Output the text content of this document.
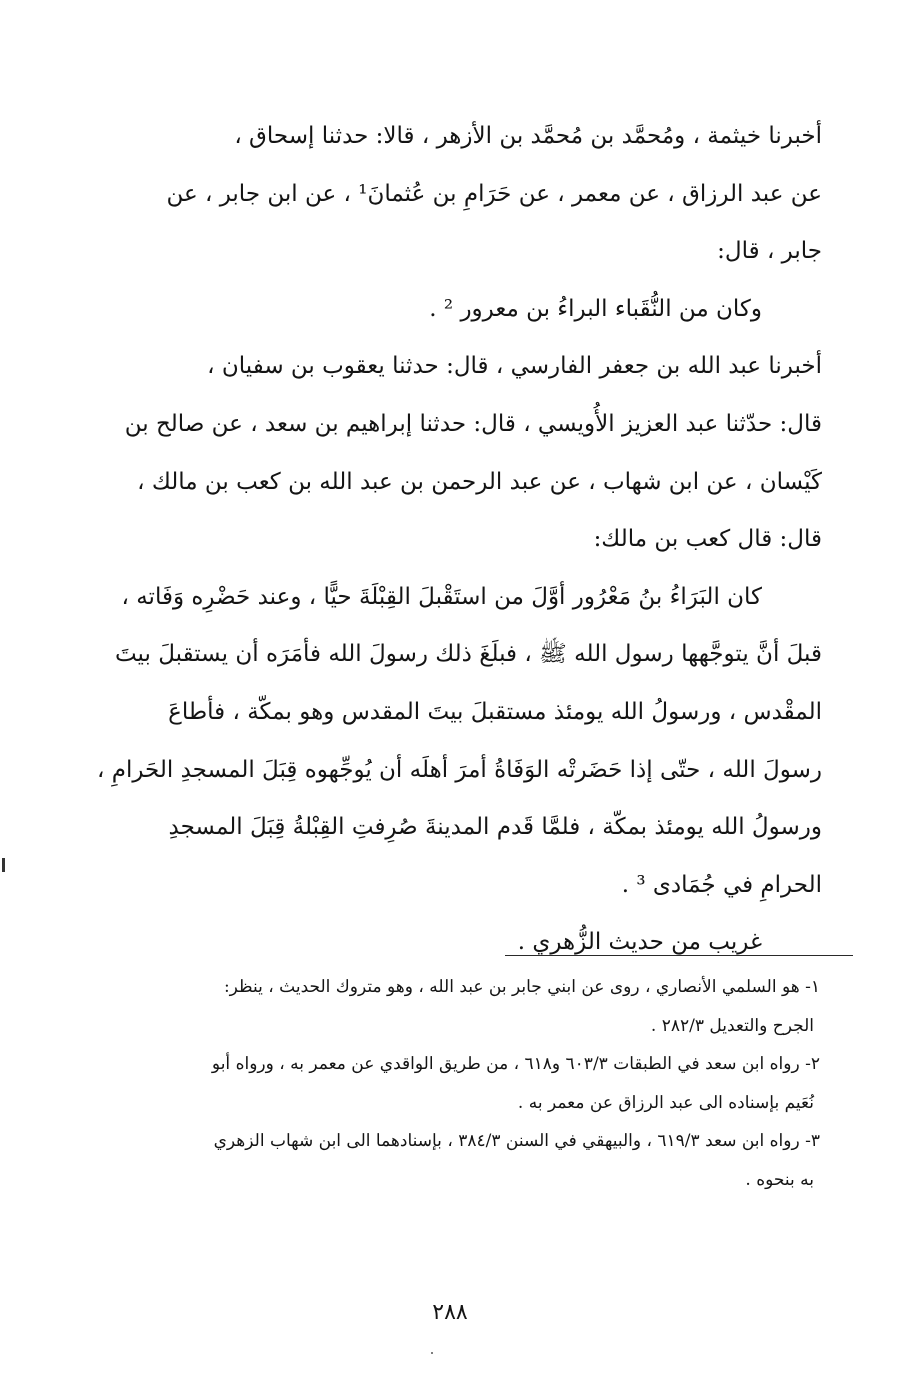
أخبرنا خيثمة ، ومُحمَّد بن مُحمَّد بن الأزهر ، قالا: حدثنا إسحاق ،
عن عبد الرزاق ، عن معمر ، عن حَرَامِ بن عُثمانَ¹ ، عن ابن جابر ، عن
جابر ، قال:
وكان من النُّقَباء البراءُ بن معرور ² .
أخبرنا عبد الله بن جعفر الفارسي ، قال: حدثنا يعقوب بن سفيان ،
قال: حدّثنا عبد العزيز الأُويسي ، قال: حدثنا إبراهيم بن سعد ، عن صالح بن
كَيْسان ، عن ابن شهاب ، عن عبد الرحمن بن عبد الله بن كعب بن مالك ،
قال: قال كعب بن مالك:
كان البَرَاءُ بنُ مَعْرُور أوَّلَ من استَقْبلَ القِبْلَةَ حيًّا ، وعند حَضْرِه وَفَاته ،
قبلَ أنَّ يتوجَّهها رسول الله ﷺ ، فبلَغَ ذلك رسولَ الله فأمَرَه أن يستقبلَ بيتَ
المقْدس ، ورسولُ الله يومئذ مستقبلَ بيتَ المقدس وهو بمكّة ، فأطاعَ
رسولَ الله ، حتّى إذا حَضَرتْه الوَفَاةُ أمرَ أهلَه أن يُوجِّهوه قِبَلَ المسجدِ الحَرامِ ،
ورسولُ الله يومئذ بمكّة ، فلمَّا قَدم المدينةَ صُرِفتِ القِبْلةُ قِبَلَ المسجدِ
الحرامِ في جُمَادى ³ .
غريب من حديث الزُّهري .
١- هو السلمي الأنصاري ، روى عن ابني جابر بن عبد الله ، وهو متروك الحديث ، ينظر:
الجرح والتعديل ٢٨٢/٣ .
٢- رواه ابن سعد في الطبقات ٦٠٣/٣ و٦١٨ ، من طريق الواقدي عن معمر به ، ورواه أبو
نُعَيم بإسناده الى عبد الرزاق عن معمر به .
٣- رواه ابن سعد ٦١٩/٣ ، والبيهقي في السنن ٣٨٤/٣ ، بإسنادهما الى ابن شهاب الزهري
به بنحوه .
٢٨٨
